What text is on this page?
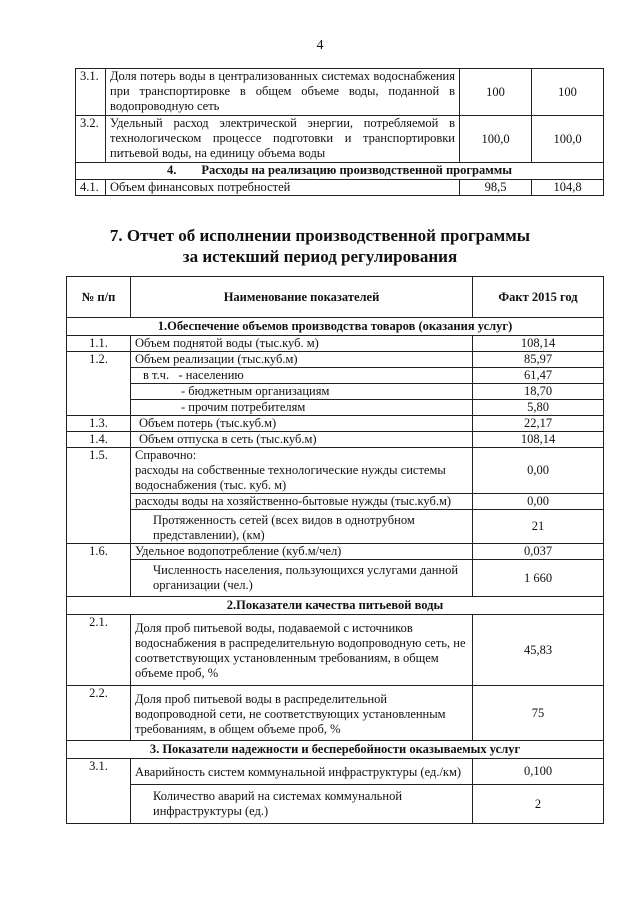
4
3.1.	Доля потерь воды в централизованных системах водоснабжения при транспортировке в общем объеме воды, поданной в водопроводную сеть	100	100
3.2.	Удельный расход электрической энергии, потребляемой в технологическом процессе подготовки и транспортировки питьевой воды, на единицу объема воды	100,0	100,0
4.        Расходы на реализацию производственной программы			
4.1.	Объем финансовых потребностей	98,5	104,8
7. Отчет об исполнении производственной программы
за истекший период регулирования
№ п/п	Наименование показателей	Факт 2015 год
1.Обеспечение объемов производства товаров (оказания услуг)		
1.1.	Объем поднятой воды (тыс.куб. м)	108,14
1.2.	Объем реализации (тыс.куб.м)	85,97
	в т.ч. - населению	61,47
	- бюджетным организациям	18,70
	- прочим потребителям	5,80
1.3.	Объем потерь (тыс.куб.м)	22,17
1.4.	Объем отпуска в сеть (тыс.куб.м)	108,14
1.5.	Справочно:
расходы на собственные технологические нужды системы водоснабжения (тыс. куб. м)	0,00
	расходы воды на хозяйственно-бытовые нужды (тыс.куб.м)	0,00
	Протяженность сетей (всех видов в однотрубном представлении), (км)	21
1.6.	Удельное водопотребление (куб.м/чел)	0,037
	Численность населения, пользующихся услугами данной организации (чел.)	1 660
2.Показатели качества питьевой воды		
2.1.	Доля проб питьевой воды, подаваемой с источников водоснабжения в распределительную водопроводную сеть, не соответствующих установленным требованиям, в общем объеме проб, %	45,83
2.2.	Доля проб питьевой воды в распределительной водопроводной сети, не соответствующих установленным требованиям, в общем объеме проб, %	75
3. Показатели надежности и бесперебойности оказываемых услуг		
3.1.	Аварийность систем коммунальной инфраструктуры (ед./км)	0,100
	Количество аварий на системах коммунальной инфраструктуры (ед.)	2
